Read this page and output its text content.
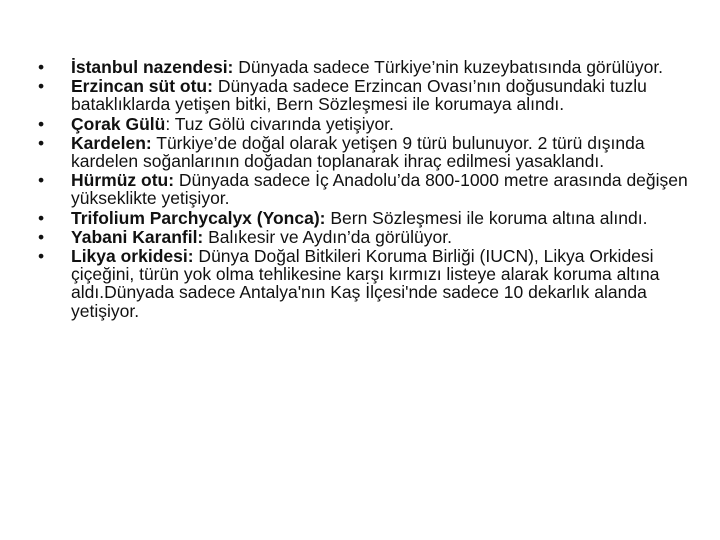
•	İstanbul nazendesi: Dünyada sadece Türkiye’nin kuzeybatısında görülüyor.
•	Erzincan süt otu: Dünyada sadece Erzincan Ovası’nın doğusundaki tuzlu bataklıklarda yetişen bitki, Bern Sözleşmesi ile korumaya alındı.
•	Çorak Gülü: Tuz Gölü civarında yetişiyor.
•	Kardelen: Türkiye’de doğal olarak yetişen 9 türü bulunuyor. 2 türü dışında kardelen soğanlarının doğadan toplanarak ihraç edilmesi yasaklandı.
•	Hürmüz otu: Dünyada sadece İç Anadolu’da 800-1000 metre arasında değişen yükseklikte yetişiyor.
•	Trifolium Parchycalyx (Yonca): Bern Sözleşmesi ile koruma altına alındı.
•	Yabani Karanfil: Balıkesir ve Aydın’da görülüyor.
•	Likya orkidesi: Dünya Doğal Bitkileri Koruma Birliği (IUCN), Likya Orkidesi çiçeğini, türün yok olma tehlikesine karşı kırmızı listeye alarak koruma altına aldı.Dünyada sadece Antalya'nın Kaş İlçesi'nde sadece 10 dekarlık alanda yetişiyor.
